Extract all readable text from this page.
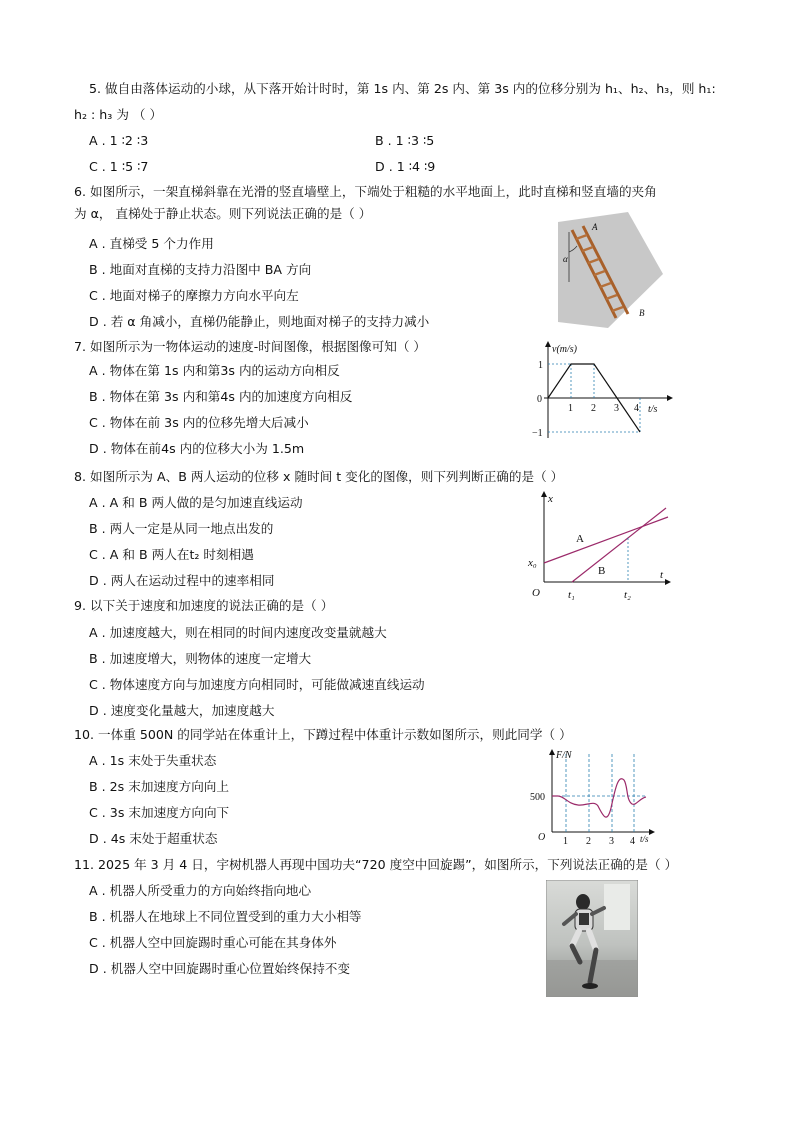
5. 做自由落体运动的小球，从下落开始计时时，第 1s 内、第 2s 内、第 3s 内的位移分别为 h₁、h₂、h₃，则 h₁:
h₂ : h₃ 为 （ ）
A . 1 ∶2 ∶3	B . 1 ∶3 ∶5
C . 1 ∶5 ∶7	D . 1 ∶4 ∶9
6. 如图所示，一架直梯斜靠在光滑的竖直墙壁上，下端处于粗糙的水平地面上，此时直梯和竖直墙的夹角
为 α， 直梯处于静止状态。则下列说法正确的是（ ）
A . 直梯受 5 个力作用
B . 地面对直梯的支持力沿图中 BA 方向
C . 地面对梯子的摩擦力方向水平向左
D . 若 α 角减小，直梯仍能静止，则地面对梯子的支持力减小
α
A
B
7. 如图所示为一物体运动的速度-时间图像，根据图像可知（ ）
A . 物体在第 1s 内和第3s 内的运动方向相反
B . 物体在第 3s 内和第4s 内的加速度方向相反
C . 物体在前 3s 内的位移先增大后减小
D . 物体在前4s 内的位移大小为 1.5m
v(m/s)
t/s
0
1
−1
1 2 3 4
8. 如图所示为 A、B 两人运动的位移 x 随时间 t 变化的图像，则下列判断正确的是（ ）
A . A 和 B 两人做的是匀加速直线运动
B . 两人一定是从同一地点出发的
C . A 和 B 两人在t₂ 时刻相遇
D . 两人在运动过程中的速率相同
A
B
x
t
O
x₀
t₁	t₂
9. 以下关于速度和加速度的说法正确的是（ ）
A . 加速度越大，则在相同的时间内速度改变量就越大
B . 加速度增大，则物体的速度一定增大
C . 物体速度方向与加速度方向相同时，可能做减速直线运动
D . 速度变化量越大，加速度越大
10. 一体重 500N 的同学站在体重计上，下蹲过程中体重计示数如图所示，则此同学（ ）
A . 1s 末处于失重状态
B . 2s 末加速度方向向上
C . 3s 末加速度方向向下
D . 4s 末处于超重状态
F/N
t/s
500
O 1 2 3 4
11. 2025 年 3 月 4 日，宇树机器人再现中国功夫“720 度空中回旋踢”，如图所示，下列说法正确的是（ ）
A . 机器人所受重力的方向始终指向地心
B . 机器人在地球上不同位置受到的重力大小相等
C . 机器人空中回旋踢时重心可能在其身体外
D . 机器人空中回旋踢时重心位置始终保持不变
